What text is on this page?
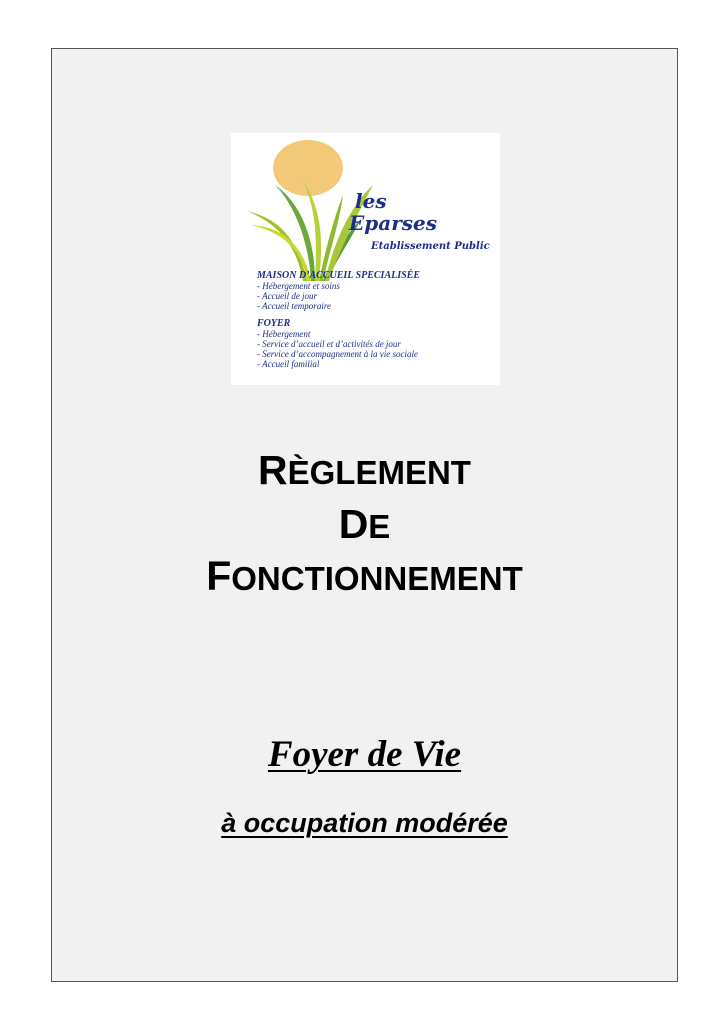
les
Eparses
Etablissement Public
MAISON D’ACCUEIL SPECIALISÉE
- Hébergement et soins
- Accueil de jour
- Accueil temporaire
FOYER
- Hébergement
- Service d’accueil et d’activités de jour
- Service d’accompagnement à la vie sociale
- Accueil familial
RÈGLEMENT
DE
FONCTIONNEMENT
Foyer de Vie
à occupation modérée
